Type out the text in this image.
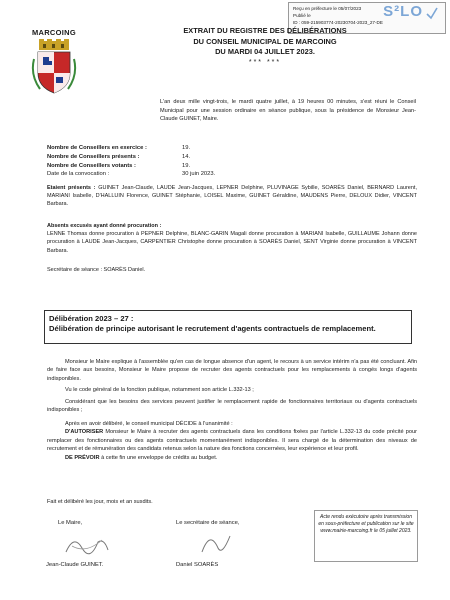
Reçu en préfecture le 05/07/2023
Publié le
ID : 059-215903774-20230704-2023_27-DE
S²LO
MARCOING	EXTRAIT DU REGISTRE DES DÉLIBÉRATIONS
DU CONSEIL MUNICIPAL DE MARCOING
DU MARDI 04 JUILLET 2023.
*** ***
L'an deux mille vingt-trois, le mardi quatre juillet, à 19 heures 00 minutes, s'est réuni le Conseil Municipal pour une session ordinaire en séance publique, sous la présidence de Monsieur Jean-Claude GUINET, Maire.
Nombre de Conseillers en exercice :	19.
Nombre de Conseillers présents :	14.
Nombre de Conseillers votants :	19.
Date de la convocation :	30 juin 2023.

Etaient présents : GUINET Jean-Claude, LAUDE Jean-Jacques, LEPNER Delphine, PLUVINAGE Sybille, SOARÈS Daniel, BERNARD Laurent, MARIANI Isabelle, D'HALLUIN Florence, GUINET Stéphanie, LOISEL Maxime, GUINET Géraldine, MAUDENS Pierre, DELOUX Didier, VINCENT Barbara.

Absents excusés ayant donné procuration :

LENNE Thomas donne procuration à PEPNER Delphine, BLANC-GARIN Magali donne procuration à MARIANI Isabelle, GUILLAUME Johann donne procuration à LAUDE Jean-Jacques, CARPENTIER Christophe donne procuration à SOARÈS Daniel, SENT Virginie donne procuration à VINCENT Barbara.

Secrétaire de séance : SOARÈS Daniel.

Délibération 2023 – 27 :
Délibération de principe autorisant le recrutement d'agents contractuels de remplacement.
Monsieur le Maire explique à l'assemblée qu'en cas de longue absence d'un agent, le recours à un service intérim n'a pas été concluant. Afin de faire face aux besoins, Monsieur le Maire propose de recruter des agents contractuels pour les remplacements à congés longs d'agents indisponibles.
Vu le code général de la fonction publique, notamment son article L.332-13 ;
Considérant que les besoins des services peuvent justifier le remplacement rapide de fonctionnaires territoriaux ou d'agents contractuels indisponibles ;
Après en avoir délibéré, le conseil municipal DÉCIDE à l'unanimité :
D'AUTORISER Monsieur le Maire à recruter des agents contractuels dans les conditions fixées par l'article L.332-13 du code précité pour remplacer des fonctionnaires ou des agents contractuels momentanément indisponibles. Il sera chargé de la détermination des niveaux de recrutement et de rémunération des candidats retenus selon la nature des fonctions concernées, leur expérience et leur profil.
DE PRÉVOIR à cette fin une enveloppe de crédits au budget.
Fait et délibéré les jour, mois et an susdits.
Le Maire,
Jean-Claude GUINET.
Le secrétaire de séance,
Daniel SOARÈS
Acte rendu exécutoire après transmission en sous-préfecture et publication sur le site www.mairie-marcoing.fr le 05 juillet 2023.
